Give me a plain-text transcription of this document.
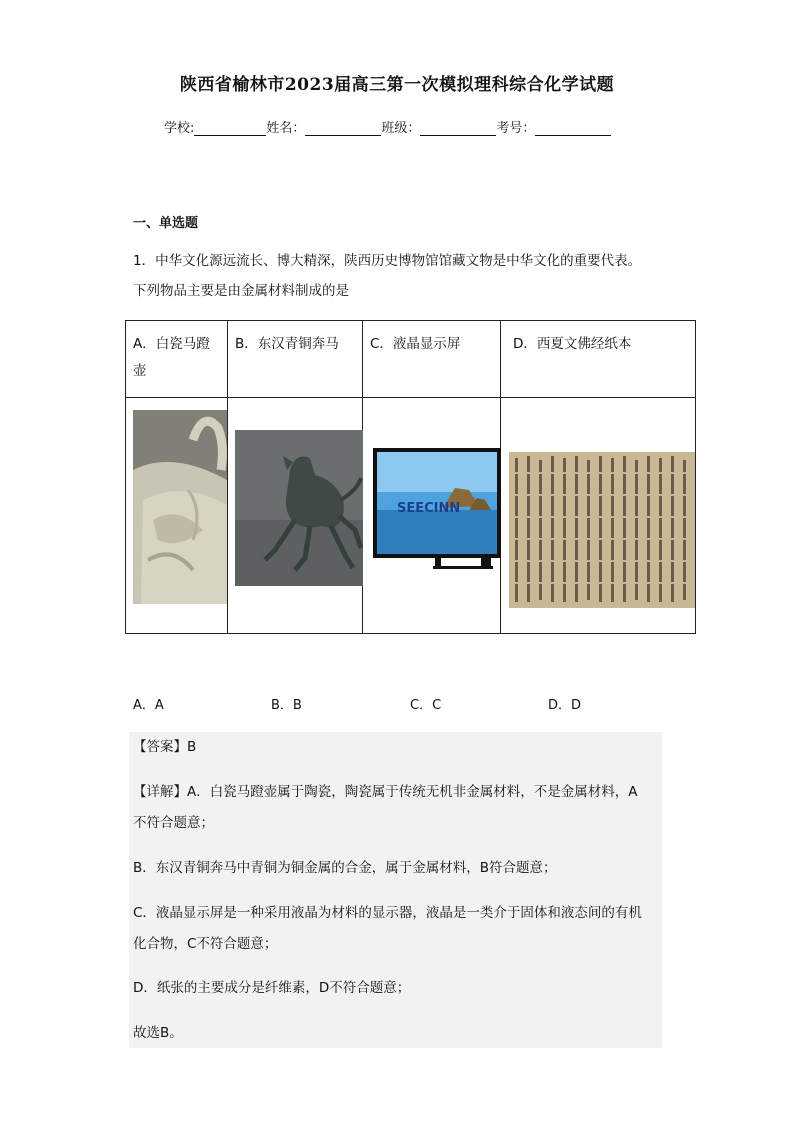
陕西省榆林市2023届高三第一次模拟理科综合化学试题
学校:	姓名：	班级：	考号：
一、单选题
1．中华文化源远流长、博大精深，陕西历史博物馆馆藏文物是中华文化的重要代表。
下列物品主要是由金属材料制成的是
A．白瓷马蹬壶	B．东汉青铜奔马	C．液晶显示屏	D．西夏文佛经纸本

SEECINN

A．A	B．B	C．C	D．D
【答案】B
【详解】A．白瓷马蹬壶属于陶瓷，陶瓷属于传统无机非金属材料，不是金属材料，A
不符合题意；
B．东汉青铜奔马中青铜为铜金属的合金，属于金属材料，B符合题意；
C．液晶显示屏是一种采用液晶为材料的显示器，液晶是一类介于固体和液态间的有机
化合物，C不符合题意；
D．纸张的主要成分是纤维素，D不符合题意；
故选B。
